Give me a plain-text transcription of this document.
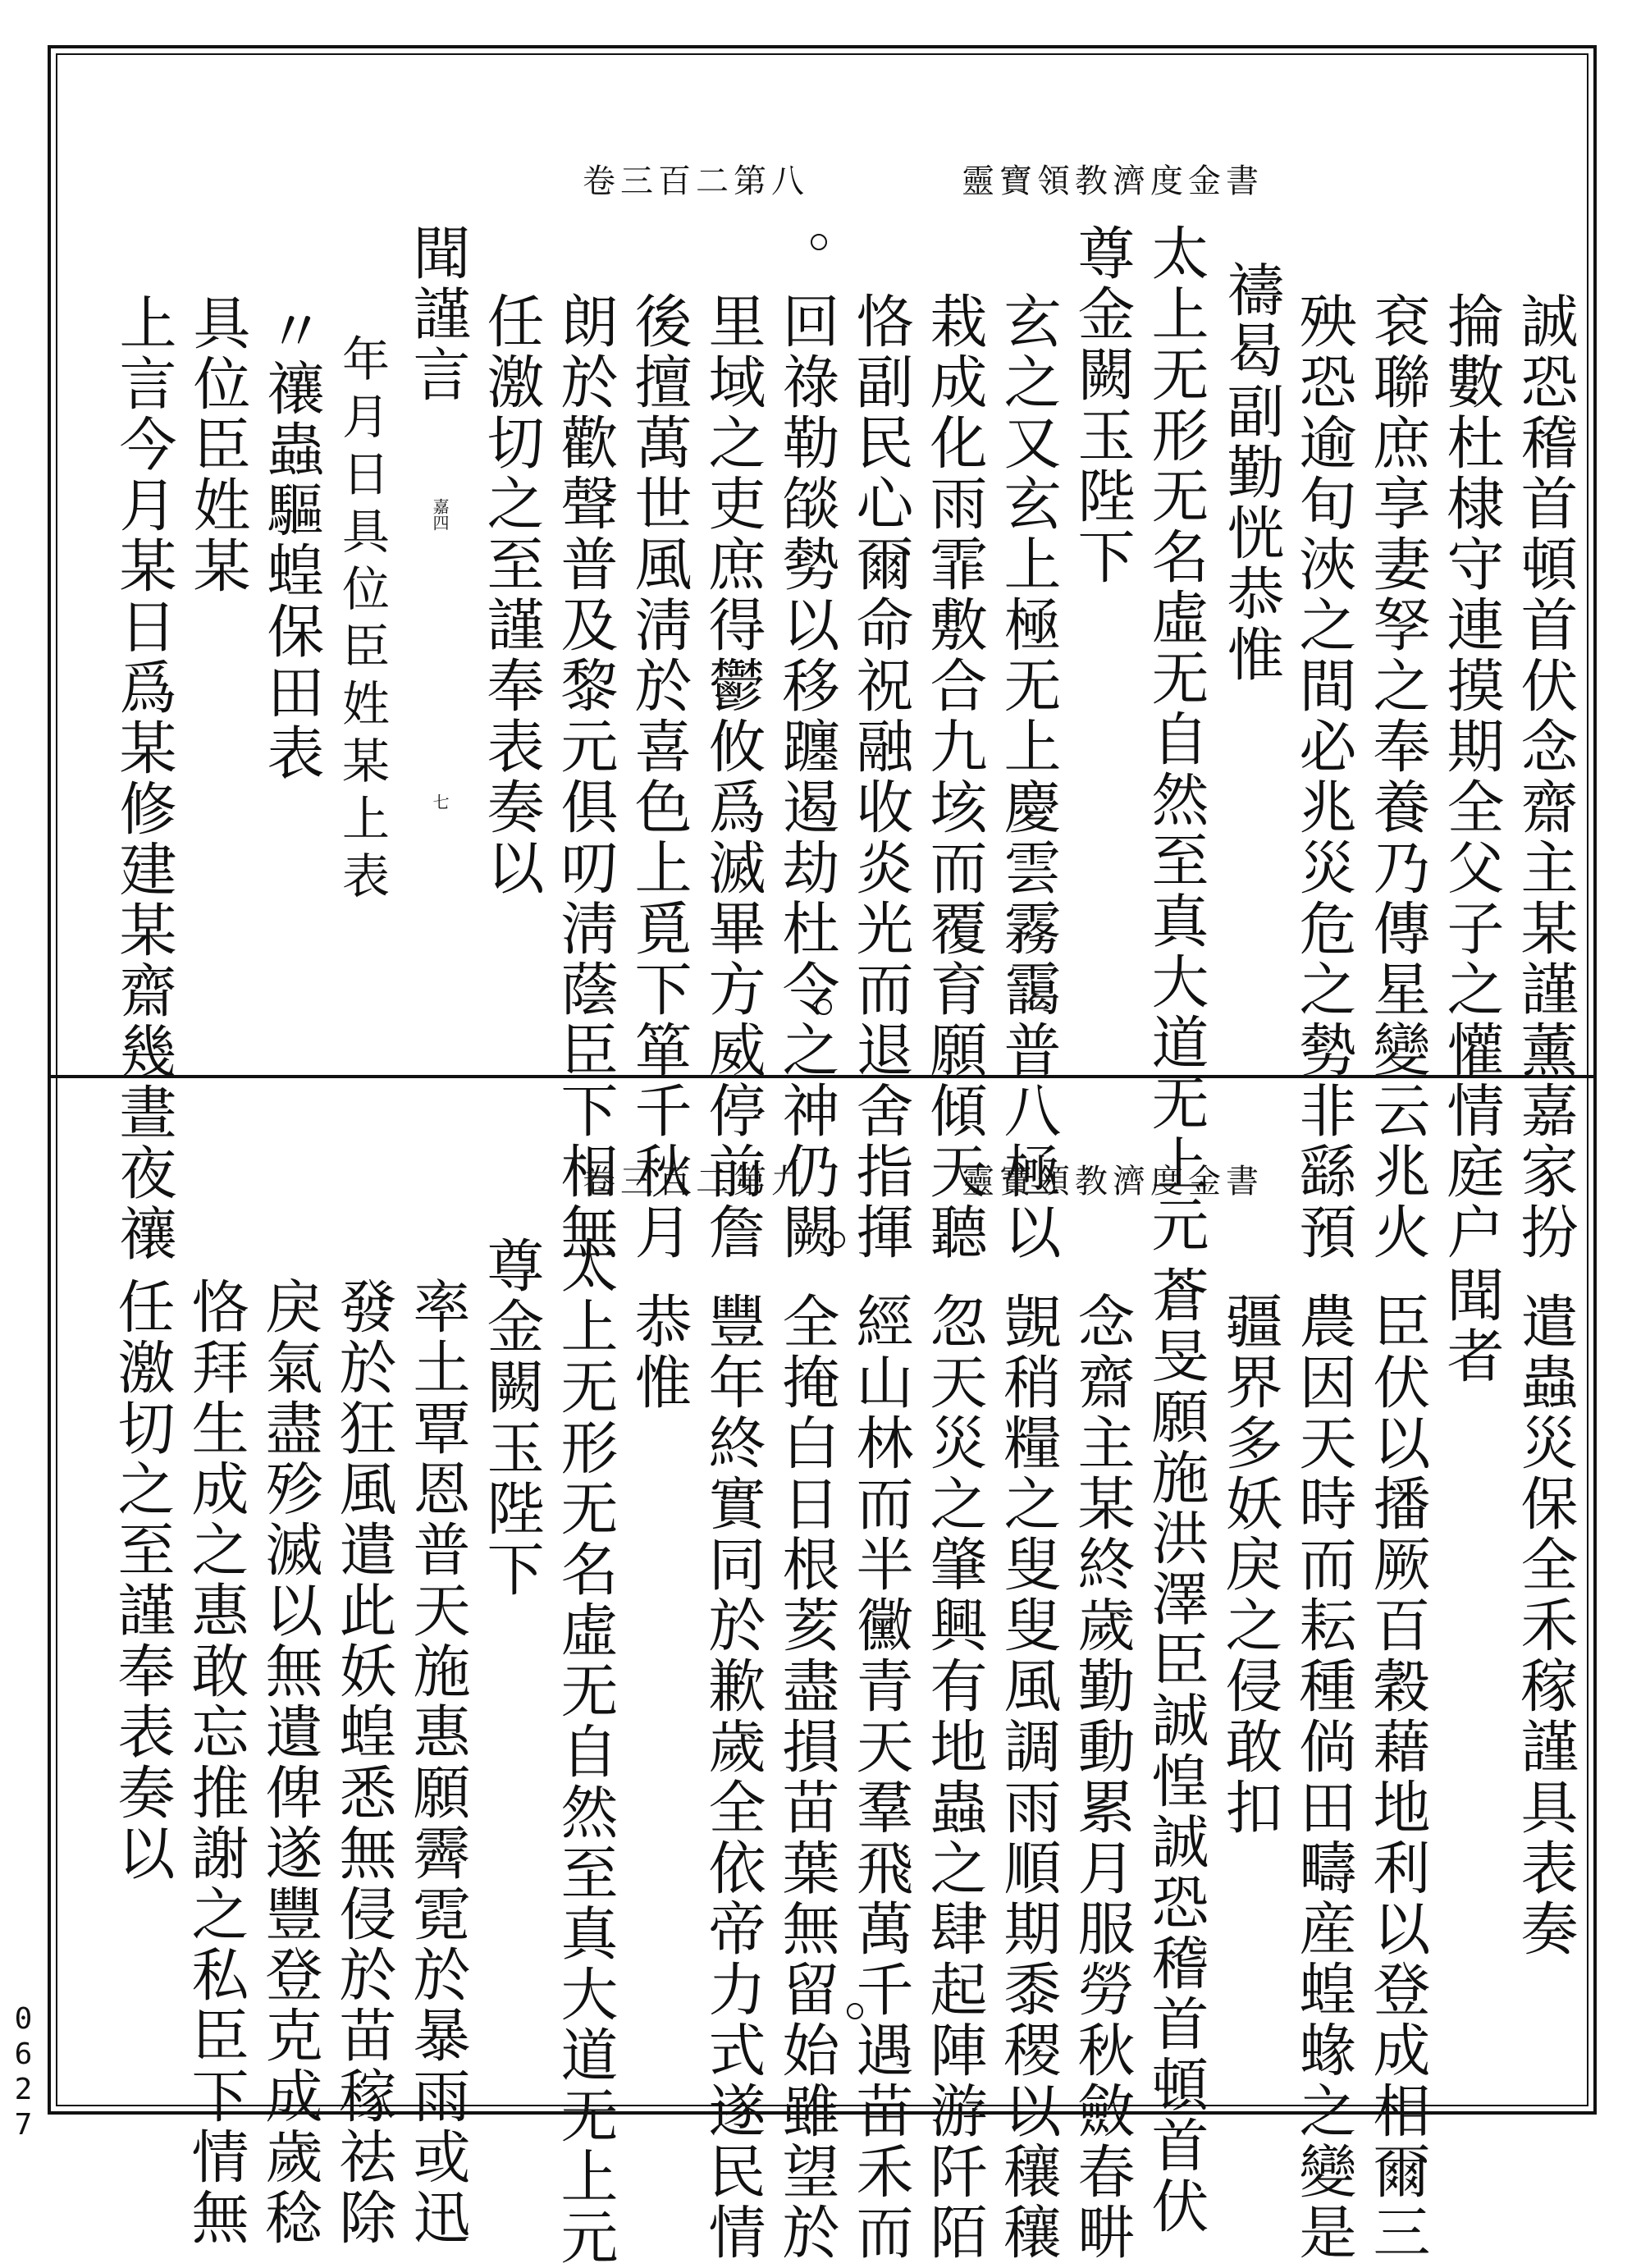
卷三百二第八	靈寶領教濟度金書
誠恐稽首頓首伏念齋主某謹薰嘉家扮
掄數杜棣守連摸期全父子之懽情庭户
袞聯庶享妻孥之奉養乃傳星變云兆火
殃恐逾旬浹之間必兆災危之勢非繇預
禱曷副勤恍恭惟
太上无形无名虛无自然至真大道无上元
尊金闕玉陛下
玄之又玄上極无上慶雲霧靄普八極以
栽成化雨霏敷合九垓而覆育願傾天聽
恪副民心爾命祝融收炎光而退舍指揮
回祿勒燄勢以移躔遏劫杜令之神仍闕
里域之吏庶得鬱攸爲滅畢方威停前詹
後擅萬世風淸於喜色上覓下箪千秋月
朗於歡聲普及黎元俱叨淸蔭臣下相無
任激切之至謹奉表奏以
嘉四
七
聞謹言
年月日具位臣姓某上表
〃
禳蟲驅蝗保田表
具位臣姓某
上言今月某日爲某修建某齋幾晝夜禳	卷三百二第九	靈寶領教濟度金書
遣蟲災保全禾稼謹具表奏
聞者
臣伏以播厥百穀藉地利以登成相爾三
農因天時而耘種倘田疇産蝗蝝之變是
疆界多妖戾之侵敢扣
蒼旻願施洪澤臣誠惶誠恐稽首頓首伏
念齋主某終歲勤動累月服勞秋斂春畊
覬稍糧之叟叟風調雨順期黍稷以穰穰
忽天災之肇興有地蟲之肆起陣游阡陌
經山林而半黴青天羣飛萬千遇苗禾而
全掩白日根荄盡損苗葉無留始雖望於
豐年終實同於歉歲全依帝力式遂民情
恭惟
太上无形无名虛无自然至真大道无上元
尊金闕玉陛下
率土覃恩普天施惠願霽霓於暴雨或迅
發於狂風遣此妖蝗悉無侵於苗稼祛除
戾氣盡殄滅以無遺俾遂豐登克成歲稔
恪拜生成之惠敢忘推謝之私臣下情無
任激切之至謹奉表奏以
0627
